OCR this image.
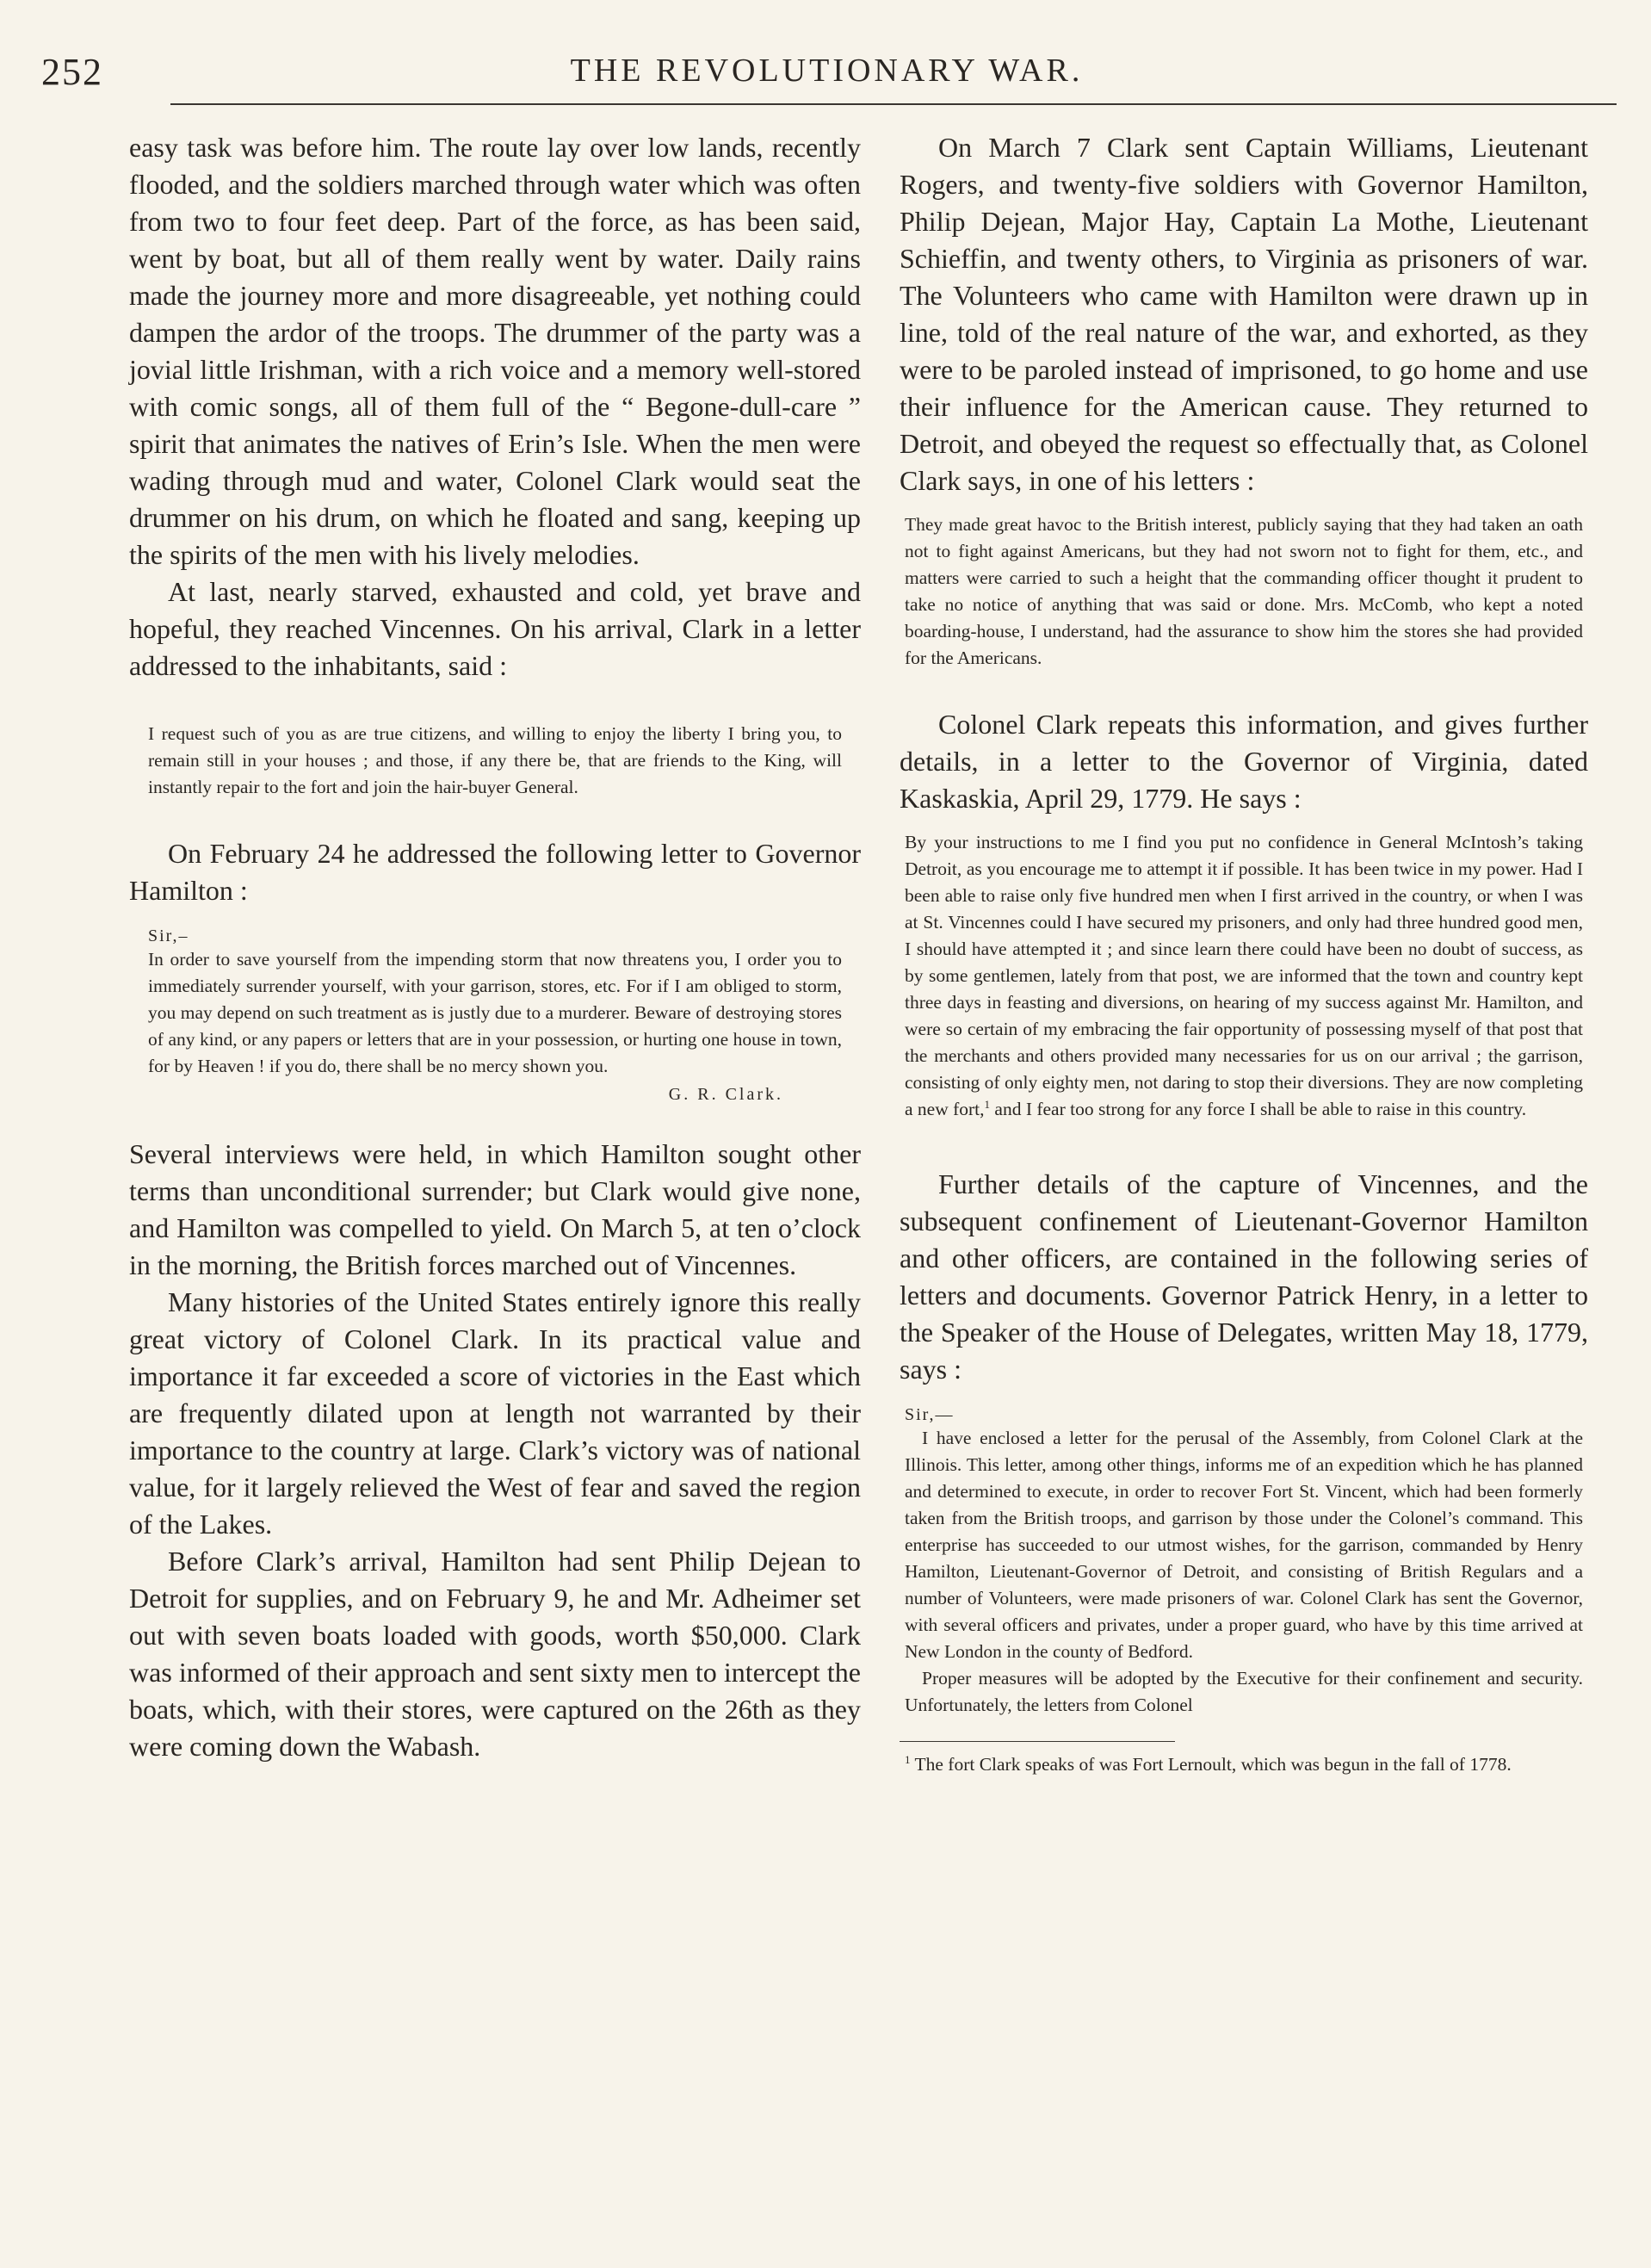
252	THE REVOLUTIONARY WAR.

easy task was before him. The route lay over low lands, recently flooded, and the soldiers marched through water which was often from two to four feet deep. Part of the force, as has been said, went by boat, but all of them really went by water. Daily rains made the journey more and more disagreeable, yet nothing could dampen the ardor of the troops. The drummer of the party was a jovial little Irishman, with a rich voice and a memory well-stored with comic songs, all of them full of the “ Begone-dull-care ” spirit that animates the natives of Erin’s Isle. When the men were wading through mud and water, Colonel Clark would seat the drummer on his drum, on which he floated and sang, keeping up the spirits of the men with his lively melodies.

At last, nearly starved, exhausted and cold, yet brave and hopeful, they reached Vincennes. On his arrival, Clark in a letter addressed to the inhabitants, said :

I request such of you as are true citizens, and willing to enjoy the liberty I bring you, to remain still in your houses ; and those, if any there be, that are friends to the King, will instantly repair to the fort and join the hair-buyer General.

On February 24 he addressed the following letter to Governor Hamilton :

Sir,–

In order to save yourself from the impending storm that now threatens you, I order you to immediately surrender yourself, with your garrison, stores, etc. For if I am obliged to storm, you may depend on such treatment as is justly due to a murderer. Beware of destroying stores of any kind, or any papers or letters that are in your possession, or hurting one house in town, for by Heaven ! if you do, there shall be no mercy shown you.

G. R. Clark.

Several interviews were held, in which Hamilton sought other terms than unconditional surrender; but Clark would give none, and Hamilton was compelled to yield. On March 5, at ten o’clock in the morning, the British forces marched out of Vincennes.

Many histories of the United States entirely ignore this really great victory of Colonel Clark. In its practical value and importance it far exceeded a score of victories in the East which are frequently dilated upon at length not warranted by their importance to the country at large. Clark’s victory was of national value, for it largely relieved the West of fear and saved the region of the Lakes.

Before Clark’s arrival, Hamilton had sent Philip Dejean to Detroit for supplies, and on February 9, he and Mr. Adheimer set out with seven boats loaded with goods, worth $50,000. Clark was informed of their approach and sent sixty men to intercept the boats, which, with their stores, were captured on the 26th as they were coming down the Wabash.

On March 7 Clark sent Captain Williams, Lieutenant Rogers, and twenty-five soldiers with Governor Hamilton, Philip Dejean, Major Hay, Captain La Mothe, Lieutenant Schieffin, and twenty others, to Virginia as prisoners of war. The Volunteers who came with Hamilton were drawn up in line, told of the real nature of the war, and exhorted, as they were to be paroled instead of imprisoned, to go home and use their influence for the American cause. They returned to Detroit, and obeyed the request so effectually that, as Colonel Clark says, in one of his letters :

They made great havoc to the British interest, publicly saying that they had taken an oath not to fight against Americans, but they had not sworn not to fight for them, etc., and matters were carried to such a height that the commanding officer thought it prudent to take no notice of anything that was said or done. Mrs. McComb, who kept a noted boarding-house, I understand, had the assurance to show him the stores she had provided for the Americans.

Colonel Clark repeats this information, and gives further details, in a letter to the Governor of Virginia, dated Kaskaskia, April 29, 1779. He says :

By your instructions to me I find you put no confidence in General McIntosh’s taking Detroit, as you encourage me to attempt it if possible. It has been twice in my power. Had I been able to raise only five hundred men when I first arrived in the country, or when I was at St. Vincennes could I have secured my prisoners, and only had three hundred good men, I should have attempted it ; and since learn there could have been no doubt of success, as by some gentlemen, lately from that post, we are informed that the town and country kept three days in feasting and diversions, on hearing of my success against Mr. Hamilton, and were so certain of my embracing the fair opportunity of possessing myself of that post that the merchants and others provided many necessaries for us on our arrival ; the garrison, consisting of only eighty men, not daring to stop their diversions. They are now completing a new fort,$^1$ and I fear too strong for any force I shall be able to raise in this country.

Further details of the capture of Vincennes, and the subsequent confinement of Lieutenant-Governor Hamilton and other officers, are contained in the following series of letters and documents. Governor Patrick Henry, in a letter to the Speaker of the House of Delegates, written May 18, 1779, says :

Sir,—

I have enclosed a letter for the perusal of the Assembly, from Colonel Clark at the Illinois. This letter, among other things, informs me of an expedition which he has planned and determined to execute, in order to recover Fort St. Vincent, which had been formerly taken from the British troops, and garrison by those under the Colonel’s command. This enterprise has succeeded to our utmost wishes, for the garrison, commanded by Henry Hamilton, Lieutenant-Governor of Detroit, and consisting of British Regulars and a number of Volunteers, were made prisoners of war. Colonel Clark has sent the Governor, with several officers and privates, under a proper guard, who have by this time arrived at New London in the county of Bedford.
Proper measures will be adopted by the Executive for their confinement and security. Unfortunately, the letters from Colonel

$^1$ The fort Clark speaks of was Fort Lernoult, which was begun in the fall of 1778.
